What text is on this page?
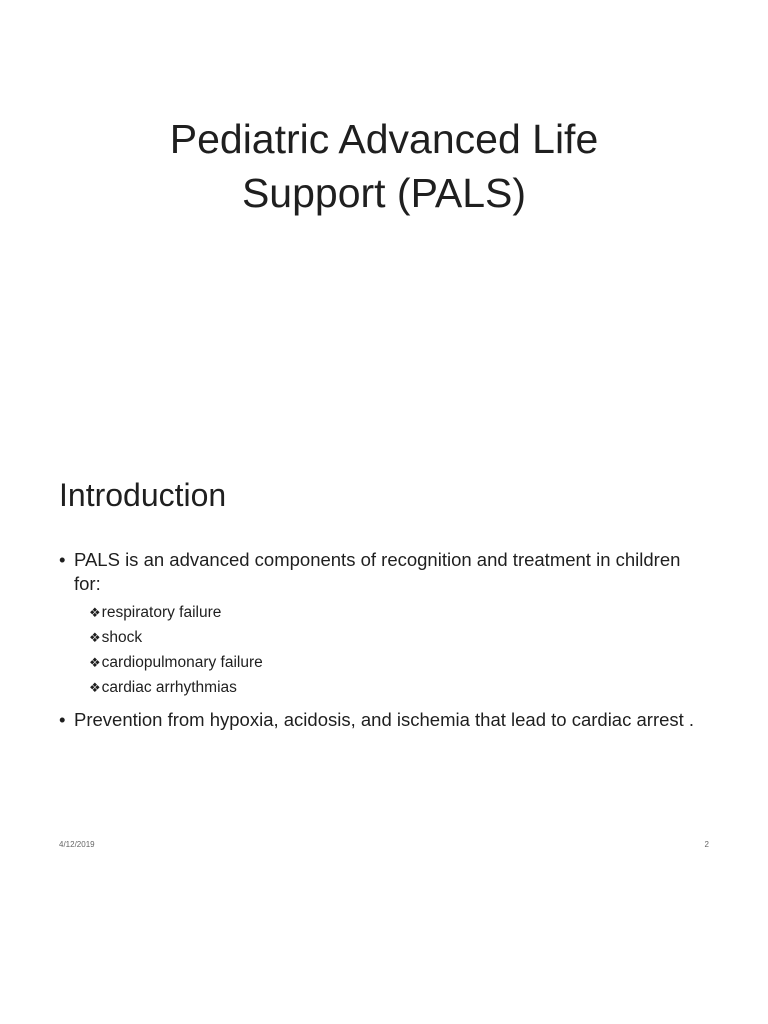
Pediatric Advanced Life
Support (PALS)
Introduction
• PALS is an advanced components of recognition and treatment in children for:
❖ respiratory failure
❖ shock
❖ cardiopulmonary failure
❖ cardiac arrhythmias
• Prevention from hypoxia, acidosis, and ischemia that lead to cardiac arrest .
4/12/2019	2
